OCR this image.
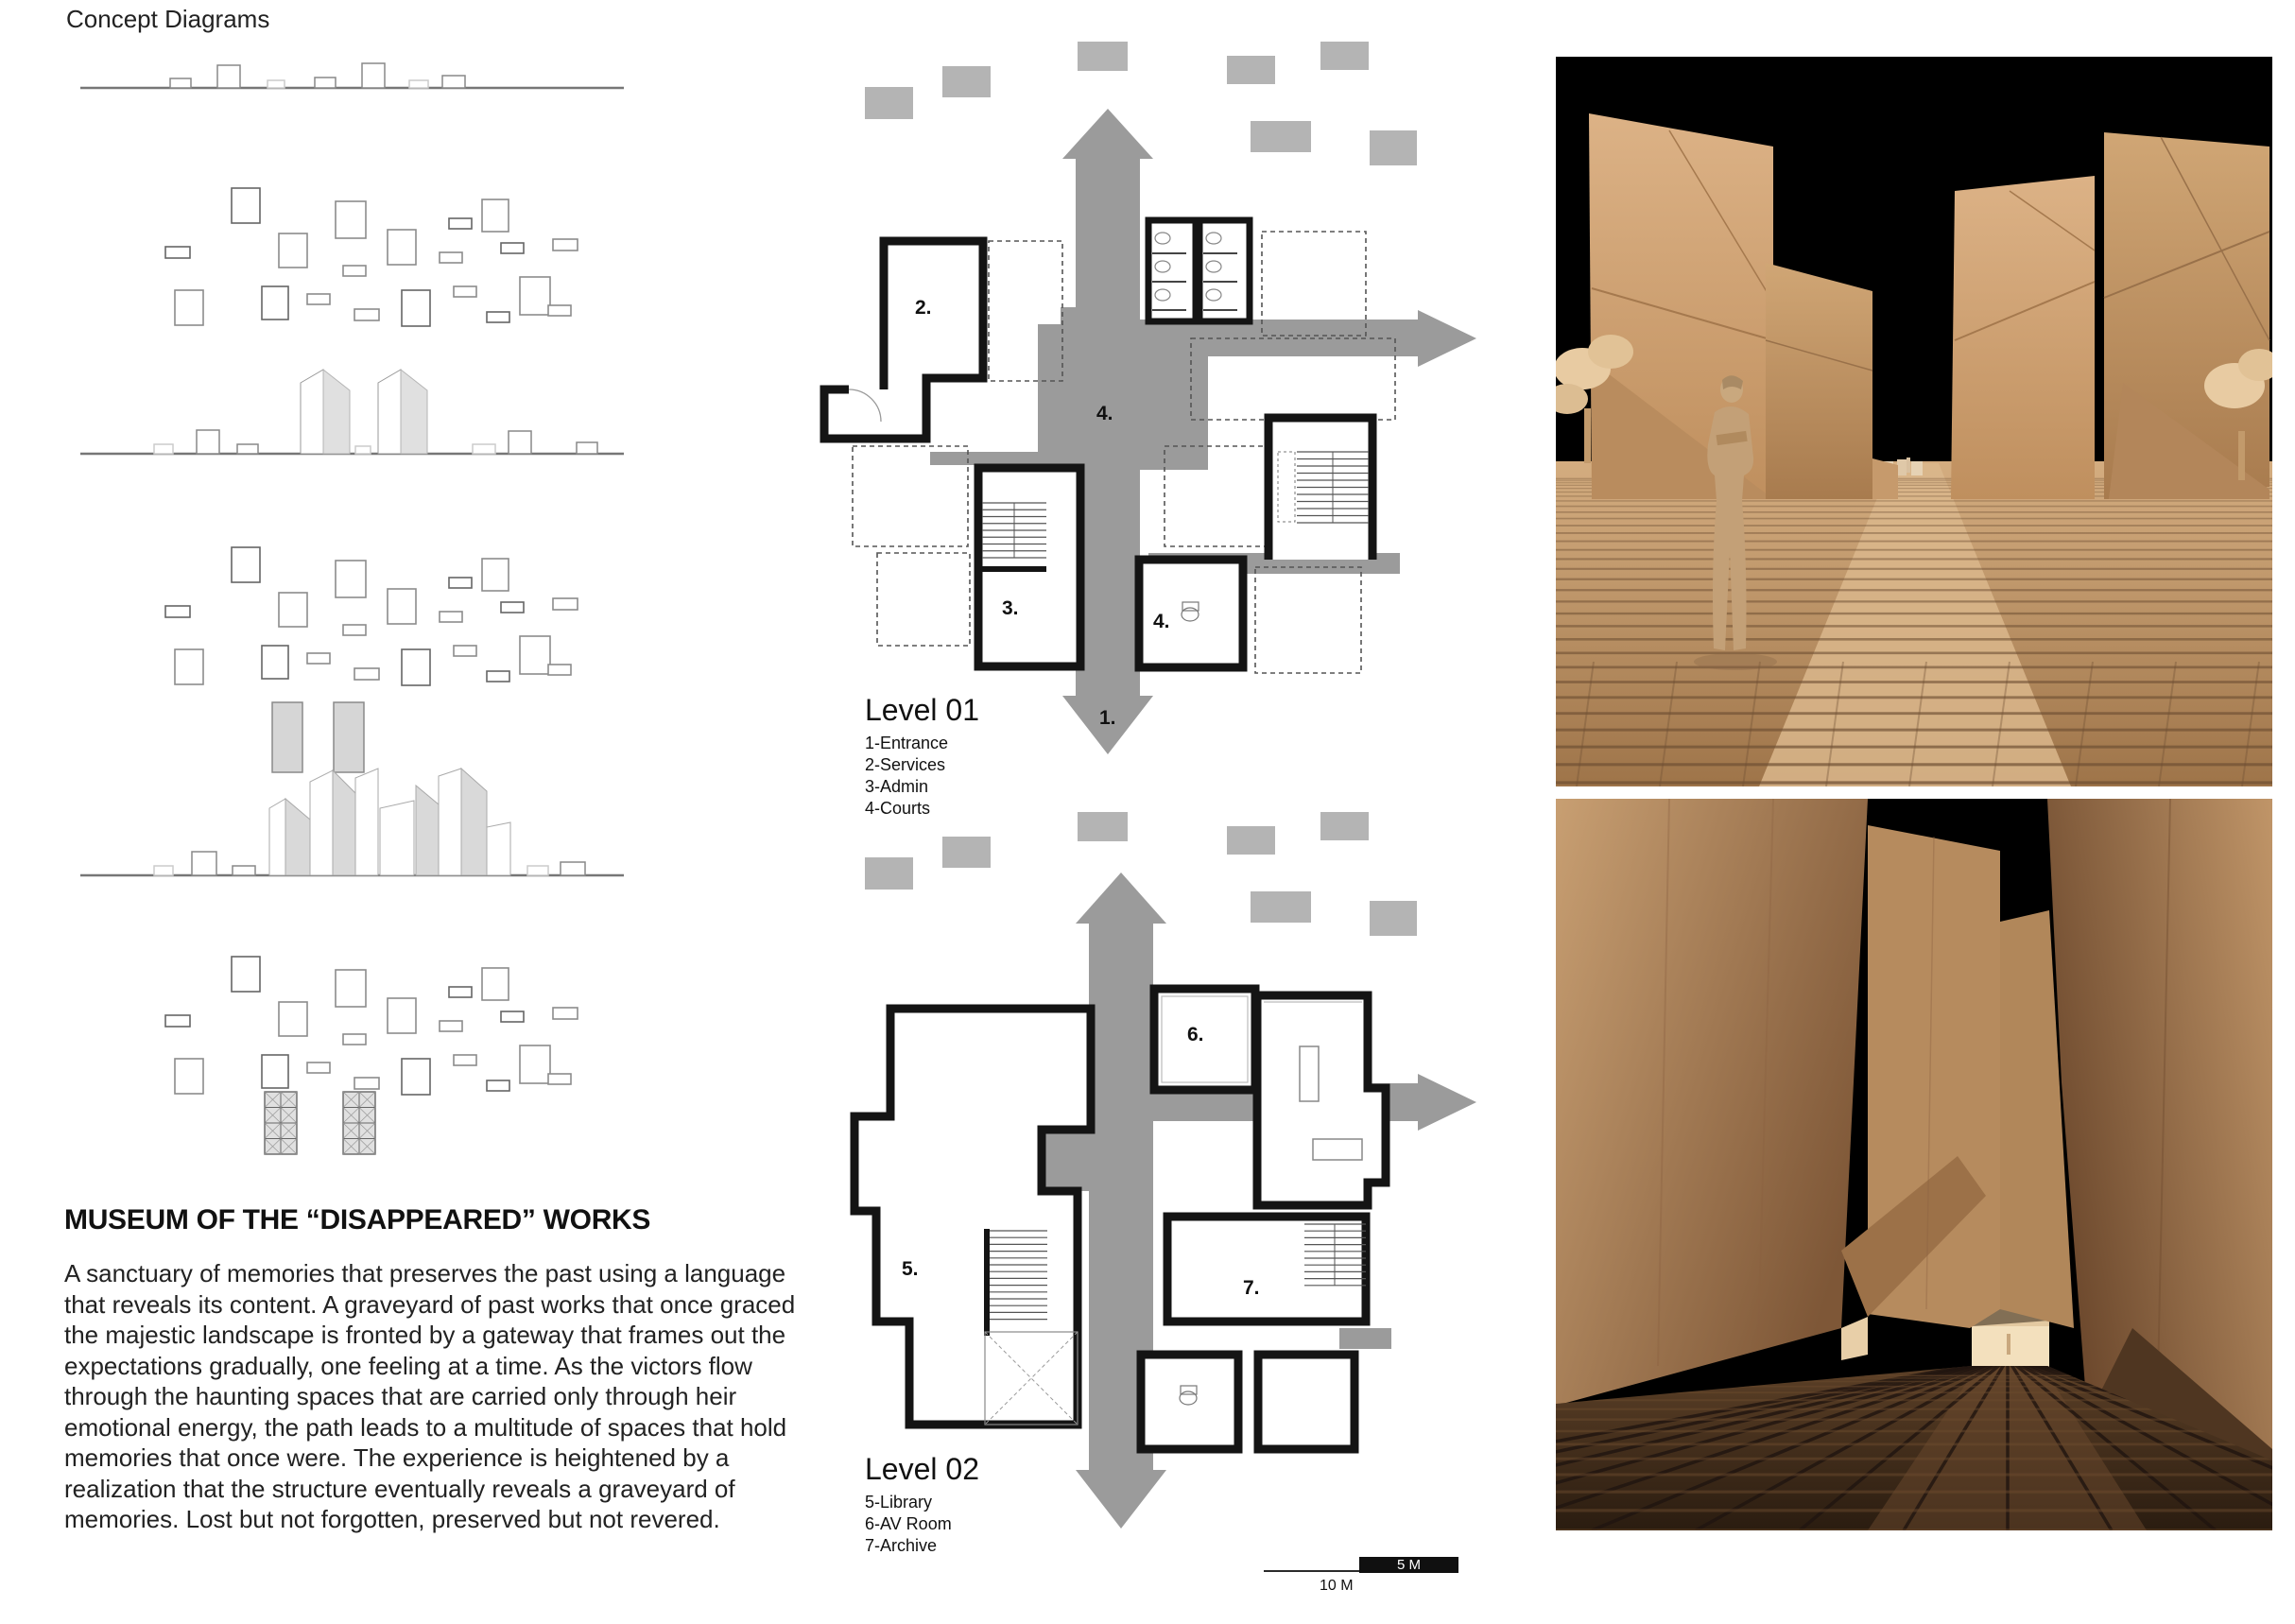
Concept Diagrams
MUSEUM OF THE “DISAPPEARED” WORKS
A sanctuary of memories that preserves the past using a language that reveals its content. A graveyard of past works that once graced the majestic landscape is fronted by a gateway that frames out the expectations gradually, one feeling at a time. As the victors flow through the haunting spaces that are carried only through heir emotional energy, the path leads to a multitude of spaces that hold memories that once were. The experience is heightened by a realization that the structure eventually reveals a graveyard of memories. Lost but not forgotten, preserved but not revered.
2.
3.
4.
4.
1.
Level 01
1-Entrance
2-Services
3-Admin
4-Courts
5.
6.
7.
Level 02
5-Library
6-AV Room
7-Archive
5 M
10 M
